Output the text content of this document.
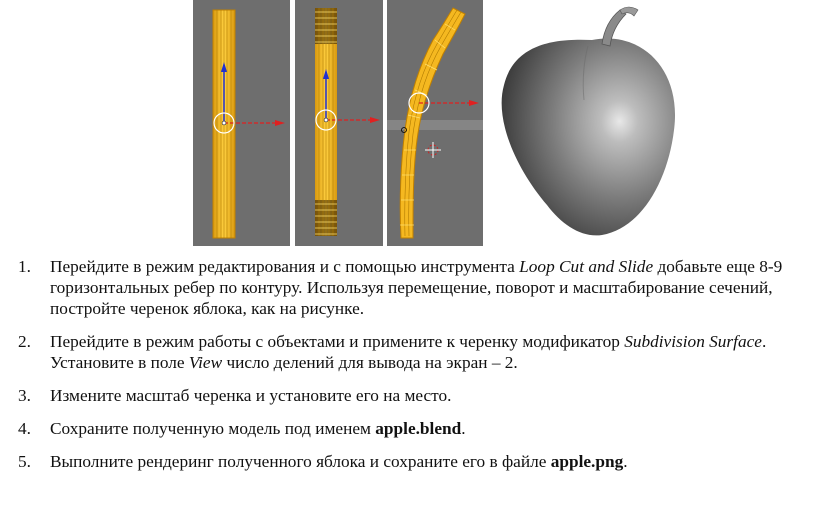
1. Перейдите в режим редактирования и с помощью инструмента Loop Cut and Slide добавьте еще 8-9 горизонтальных ребер по контуру. Используя перемещение, поворот и масштабирование сечений, постройте черенок яблока, как на рисунке.
2. Перейдите в режим работы с объектами и примените к черенку модификатор Subdivision Surface. Установите в поле View число делений для вывода на экран – 2.
3. Измените масштаб черенка и установите его на место.
4. Сохраните полученную модель под именем apple.blend.
5. Выполните рендеринг полученного яблока и сохраните его в файле apple.png.
